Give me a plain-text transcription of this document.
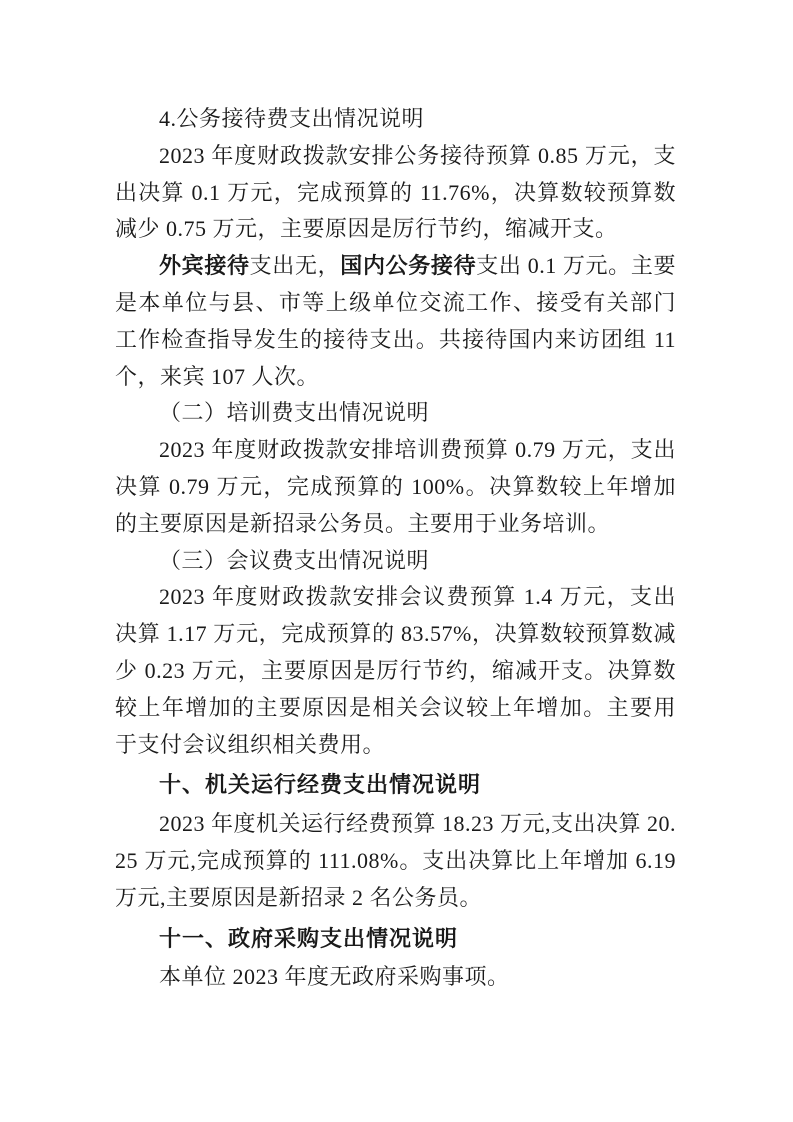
4.公务接待费支出情况说明

2023 年度财政拨款安排公务接待预算 0.85 万元，支出决算 0.1 万元，完成预算的 11.76%，决算数较预算数减少 0.75 万元，主要原因是厉行节约，缩减开支。

外宾接待支出无，国内公务接待支出 0.1 万元。主要是本单位与县、市等上级单位交流工作、接受有关部门工作检查指导发生的接待支出。共接待国内来访团组 11 个，来宾 107 人次。

（二）培训费支出情况说明

2023 年度财政拨款安排培训费预算 0.79 万元，支出决算 0.79 万元，完成预算的 100%。决算数较上年增加的主要原因是新招录公务员。主要用于业务培训。

（三）会议费支出情况说明

2023 年度财政拨款安排会议费预算 1.4 万元，支出决算 1.17 万元，完成预算的 83.57%，决算数较预算数减少 0.23 万元，主要原因是厉行节约，缩减开支。决算数较上年增加的主要原因是相关会议较上年增加。主要用于支付会议组织相关费用。

十、机关运行经费支出情况说明

2023 年度机关运行经费预算 18.23 万元,支出决算 20.25 万元,完成预算的 111.08%。支出决算比上年增加 6.19 万元,主要原因是新招录 2 名公务员。

十一、政府采购支出情况说明

本单位 2023 年度无政府采购事项。
